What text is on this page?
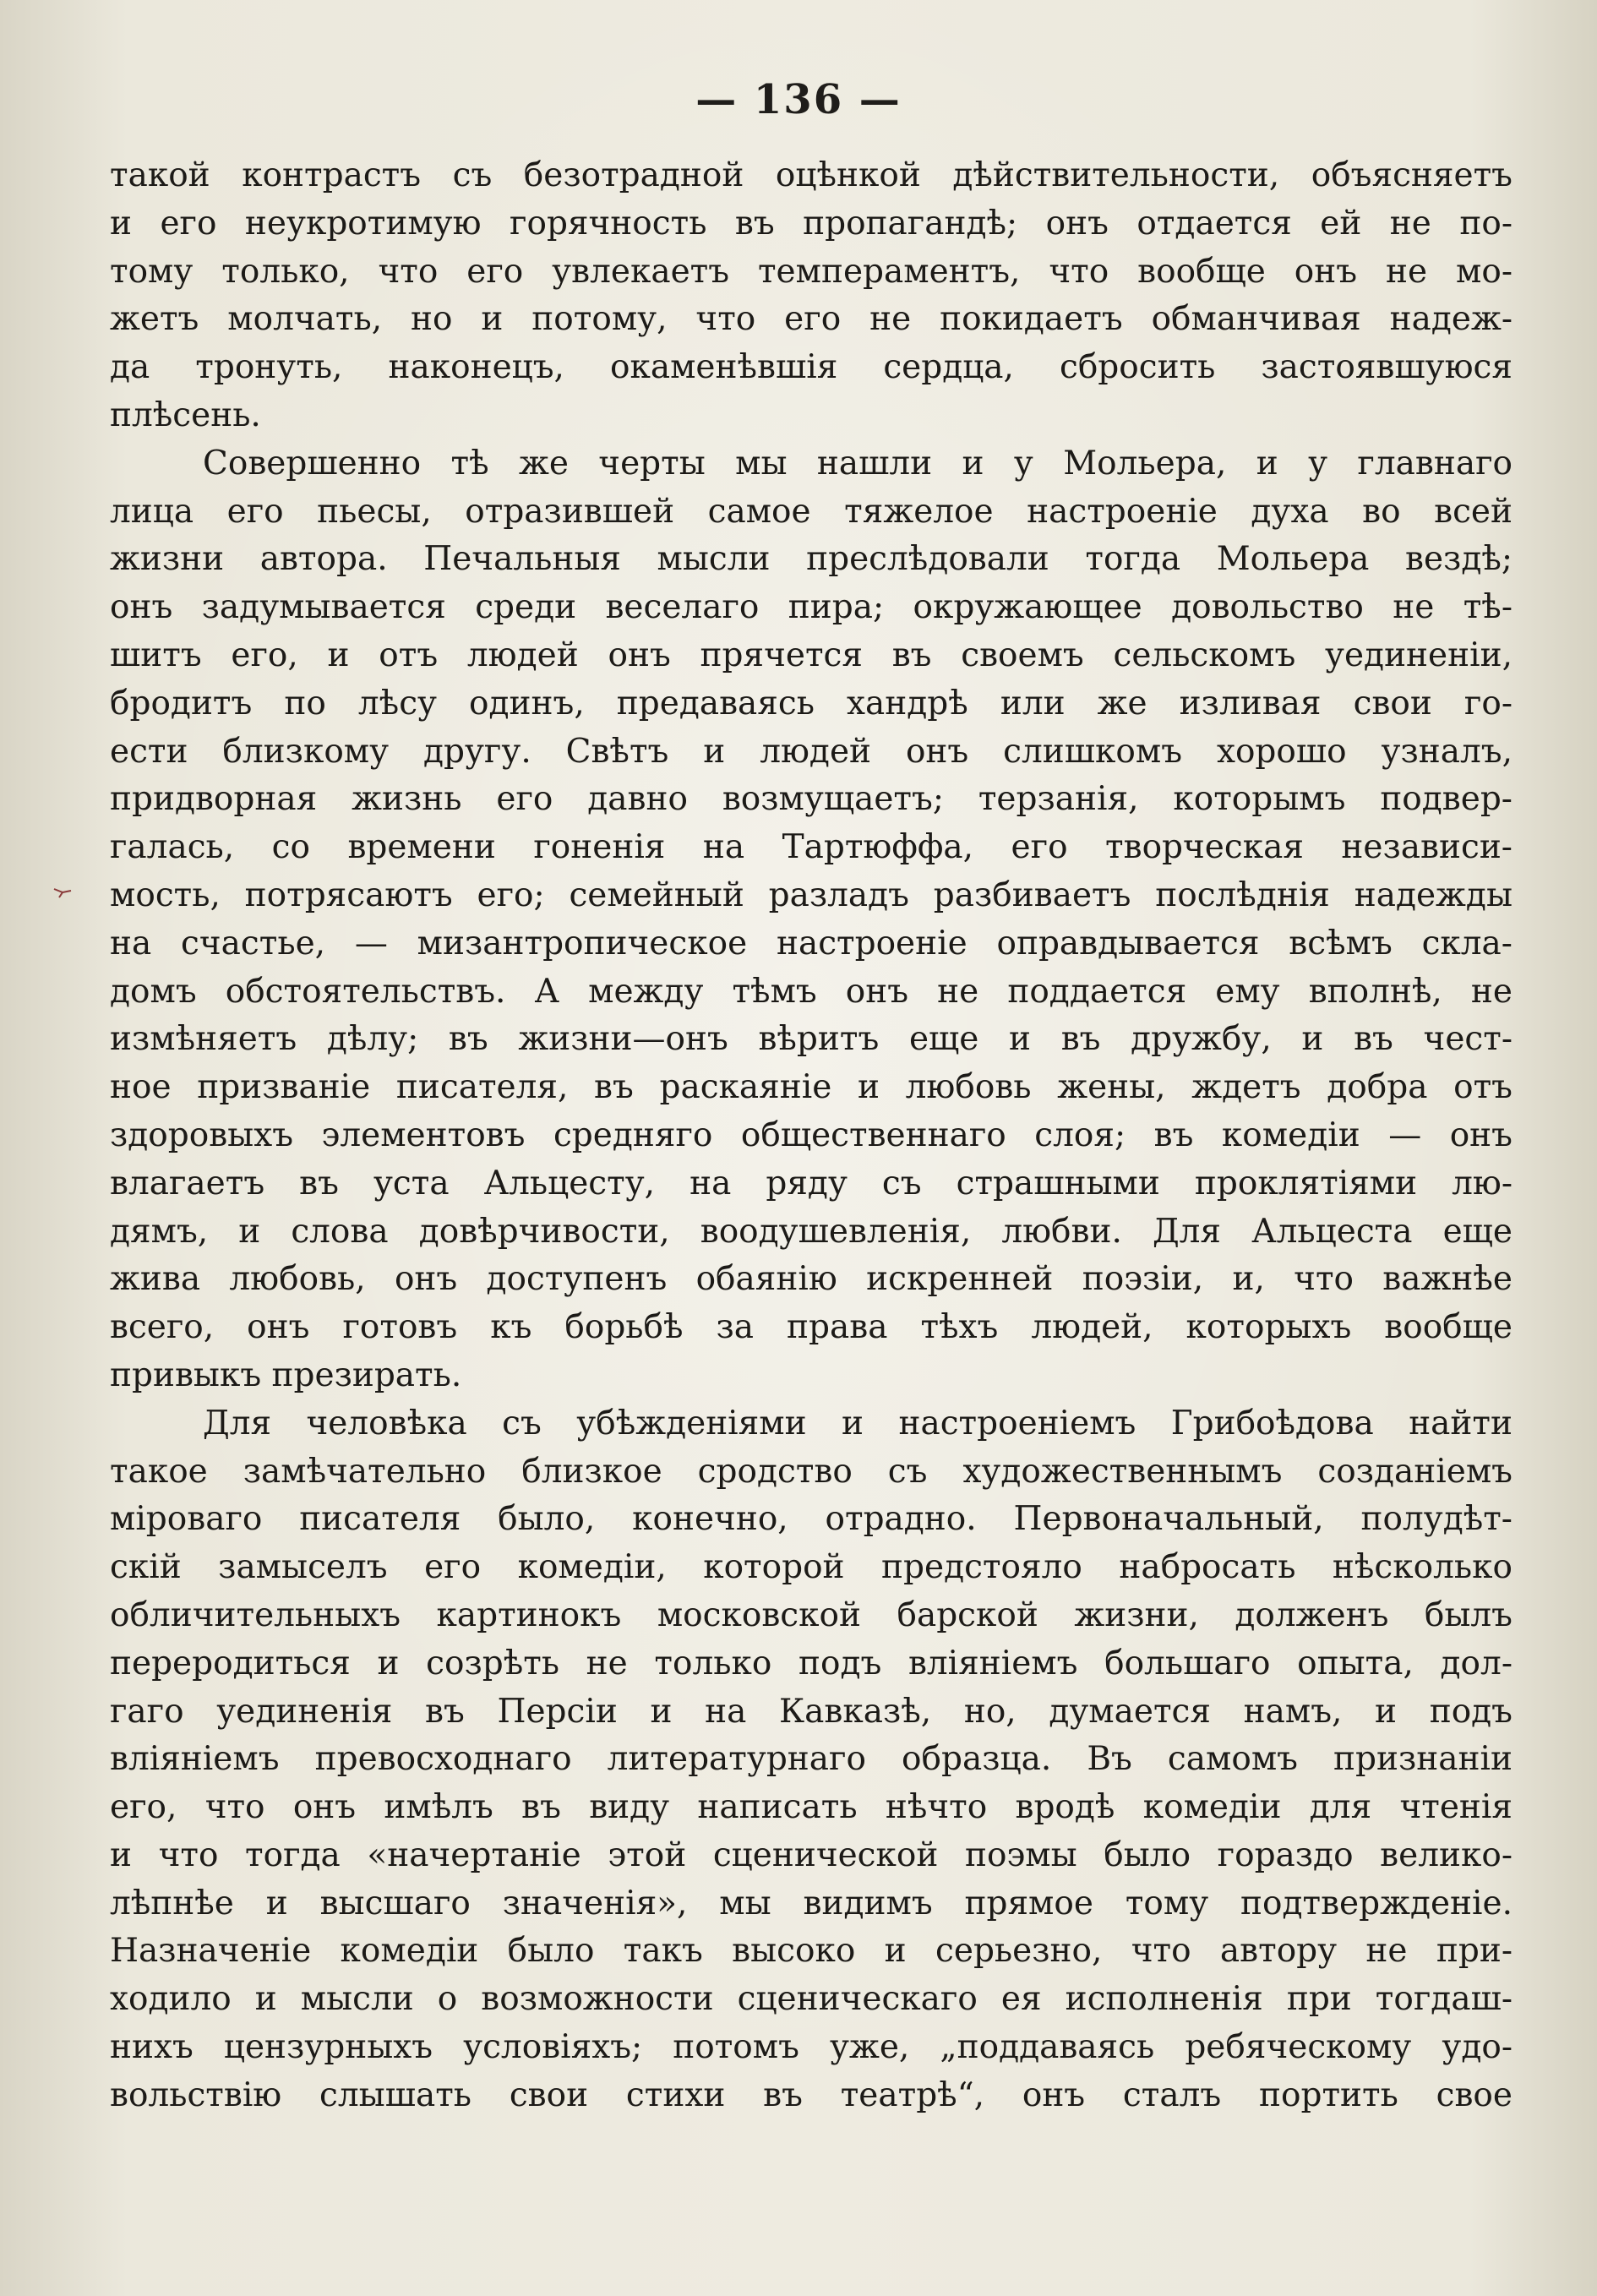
— 136 —
такой контрастъ съ безотрадной оцѣнкой дѣйствительности, объясняетъ
и его неукротимую горячность въ пропагандѣ; онъ отдается ей не по-
тому только, что его увлекаетъ темпераментъ, что вообще онъ не мо-
жетъ молчать, но и потому, что его не покидаетъ обманчивая надеж-
да тронуть, наконецъ, окаменѣвшія сердца, сбросить застоявшуюся
плѣсень.
Совершенно тѣ же черты мы нашли и у Мольера, и у главнаго
лица его пьесы, отразившей самое тяжелое настроеніе духа во всей
жизни автора. Печальныя мысли преслѣдовали тогда Мольера вездѣ;
онъ задумывается среди веселаго пира; окружающее довольство не тѣ-
шитъ его, и отъ людей онъ прячется въ своемъ сельскомъ уединеніи,
бродитъ по лѣсу одинъ, предаваясь хандрѣ или же изливая свои го-
ести близкому другу. Свѣтъ и людей онъ слишкомъ хорошо узналъ,
придворная жизнь его давно возмущаетъ; терзанія, которымъ подвер-
галась, со времени гоненія на Тартюффа, его творческая независи-
мость, потрясаютъ его; семейный разладъ разбиваетъ послѣднія надежды
на счастье, — мизантропическое настроеніе оправдывается всѣмъ скла-
домъ обстоятельствъ. А между тѣмъ онъ не поддается ему вполнѣ, не
измѣняетъ дѣлу; въ жизни—онъ вѣритъ еще и въ дружбу, и въ чест-
ное призваніе писателя, въ раскаяніе и любовь жены, ждетъ добра отъ
здоровыхъ элементовъ средняго общественнаго слоя; въ комедіи — онъ
влагаетъ въ уста Альцесту, на ряду съ страшными проклятіями лю-
дямъ, и слова довѣрчивости, воодушевленія, любви. Для Альцеста еще
жива любовь, онъ доступенъ обаянію искренней поэзіи, и, что важнѣе
всего, онъ готовъ къ борьбѣ за права тѣхъ людей, которыхъ вообще
привыкъ презирать.
Для человѣка съ убѣжденіями и настроеніемъ Грибоѣдова найти
такое замѣчательно близкое сродство съ художественнымъ созданіемъ
міроваго писателя было, конечно, отрадно. Первоначальный, полудѣт-
скій замыселъ его комедіи, которой предстояло набросать нѣсколько
обличительныхъ картинокъ московской барской жизни, долженъ былъ
переродиться и созрѣть не только подъ вліяніемъ большаго опыта, дол-
гаго уединенія въ Персіи и на Кавказѣ, но, думается намъ, и подъ
вліяніемъ превосходнаго литературнаго образца. Въ самомъ признаніи
его, что онъ имѣлъ въ виду написать нѣчто вродѣ комедіи для чтенія
и что тогда «начертаніе этой сценической поэмы было гораздо велико-
лѣпнѣе и высшаго значенія», мы видимъ прямое тому подтвержденіе.
Назначеніе комедіи было такъ высоко и серьезно, что автору не при-
ходило и мысли о возможности сценическаго ея исполненія при тогдаш-
нихъ цензурныхъ условіяхъ; потомъ уже, „поддаваясь ребяческому удо-
вольствію слышать свои стихи въ театрѣ“, онъ сталъ портить свое
